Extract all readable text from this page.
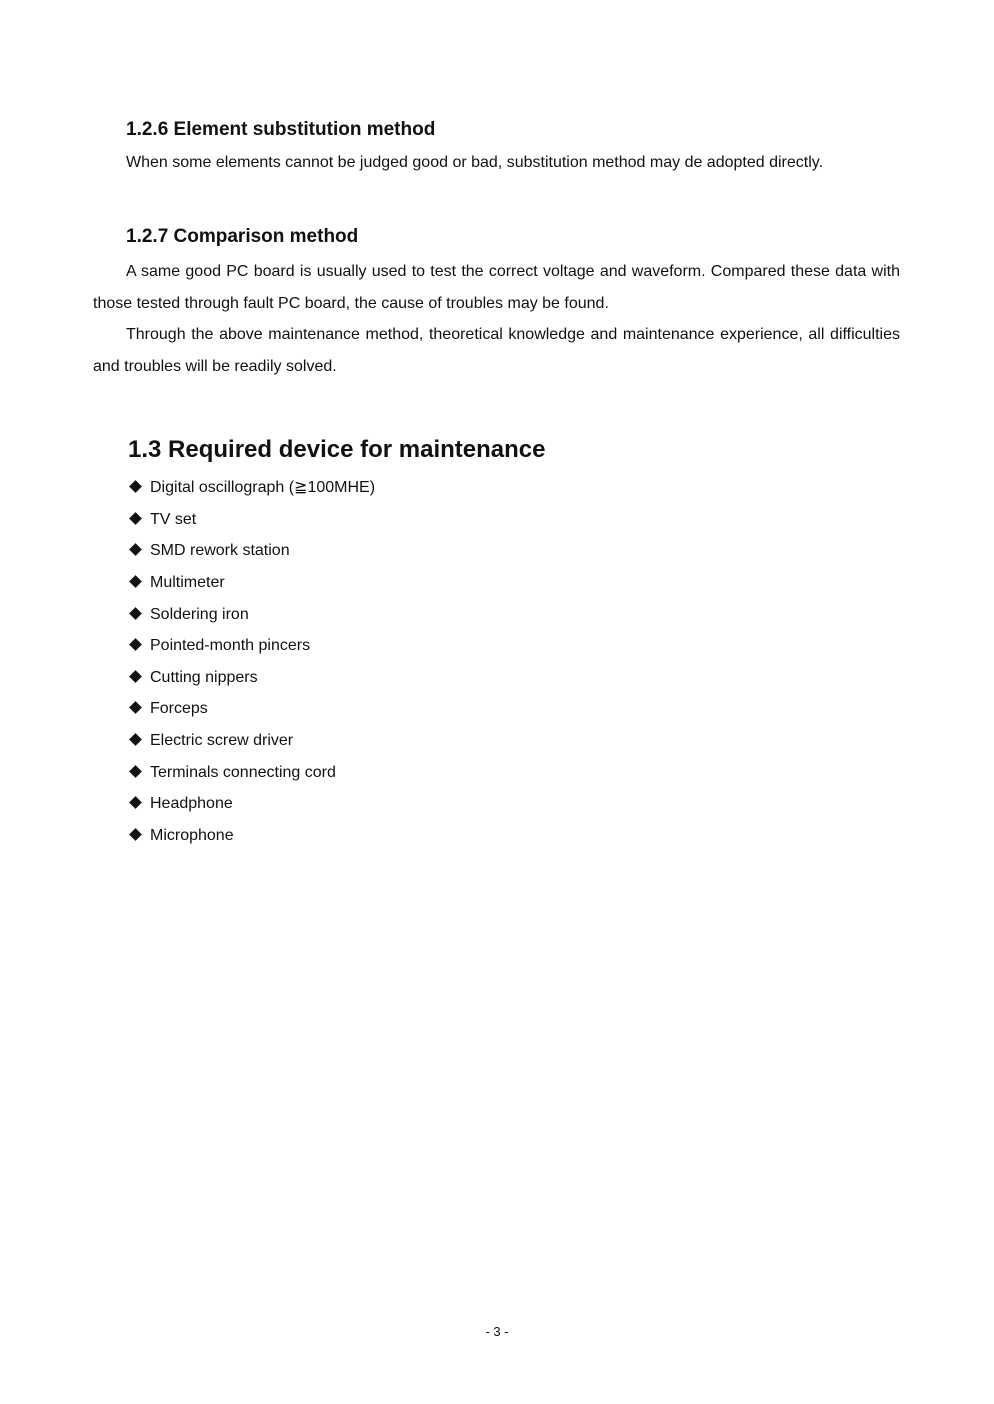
1.2.6 Element substitution method

When some elements cannot be judged good or bad, substitution method may de adopted directly.

1.2.7 Comparison method

A same good PC board is usually used to test the correct voltage and waveform. Compared these data with those tested through fault PC board, the cause of troubles may be found.

Through the above maintenance method, theoretical knowledge and maintenance experience, all difficulties and troubles will be readily solved.

1.3 Required device for maintenance
Digital oscillograph (≧100MHE)
TV set
SMD rework station
Multimeter
Soldering iron
Pointed-month pincers
Cutting nippers
Forceps
Electric screw driver
Terminals connecting cord
Headphone
Microphone

- 3 -
